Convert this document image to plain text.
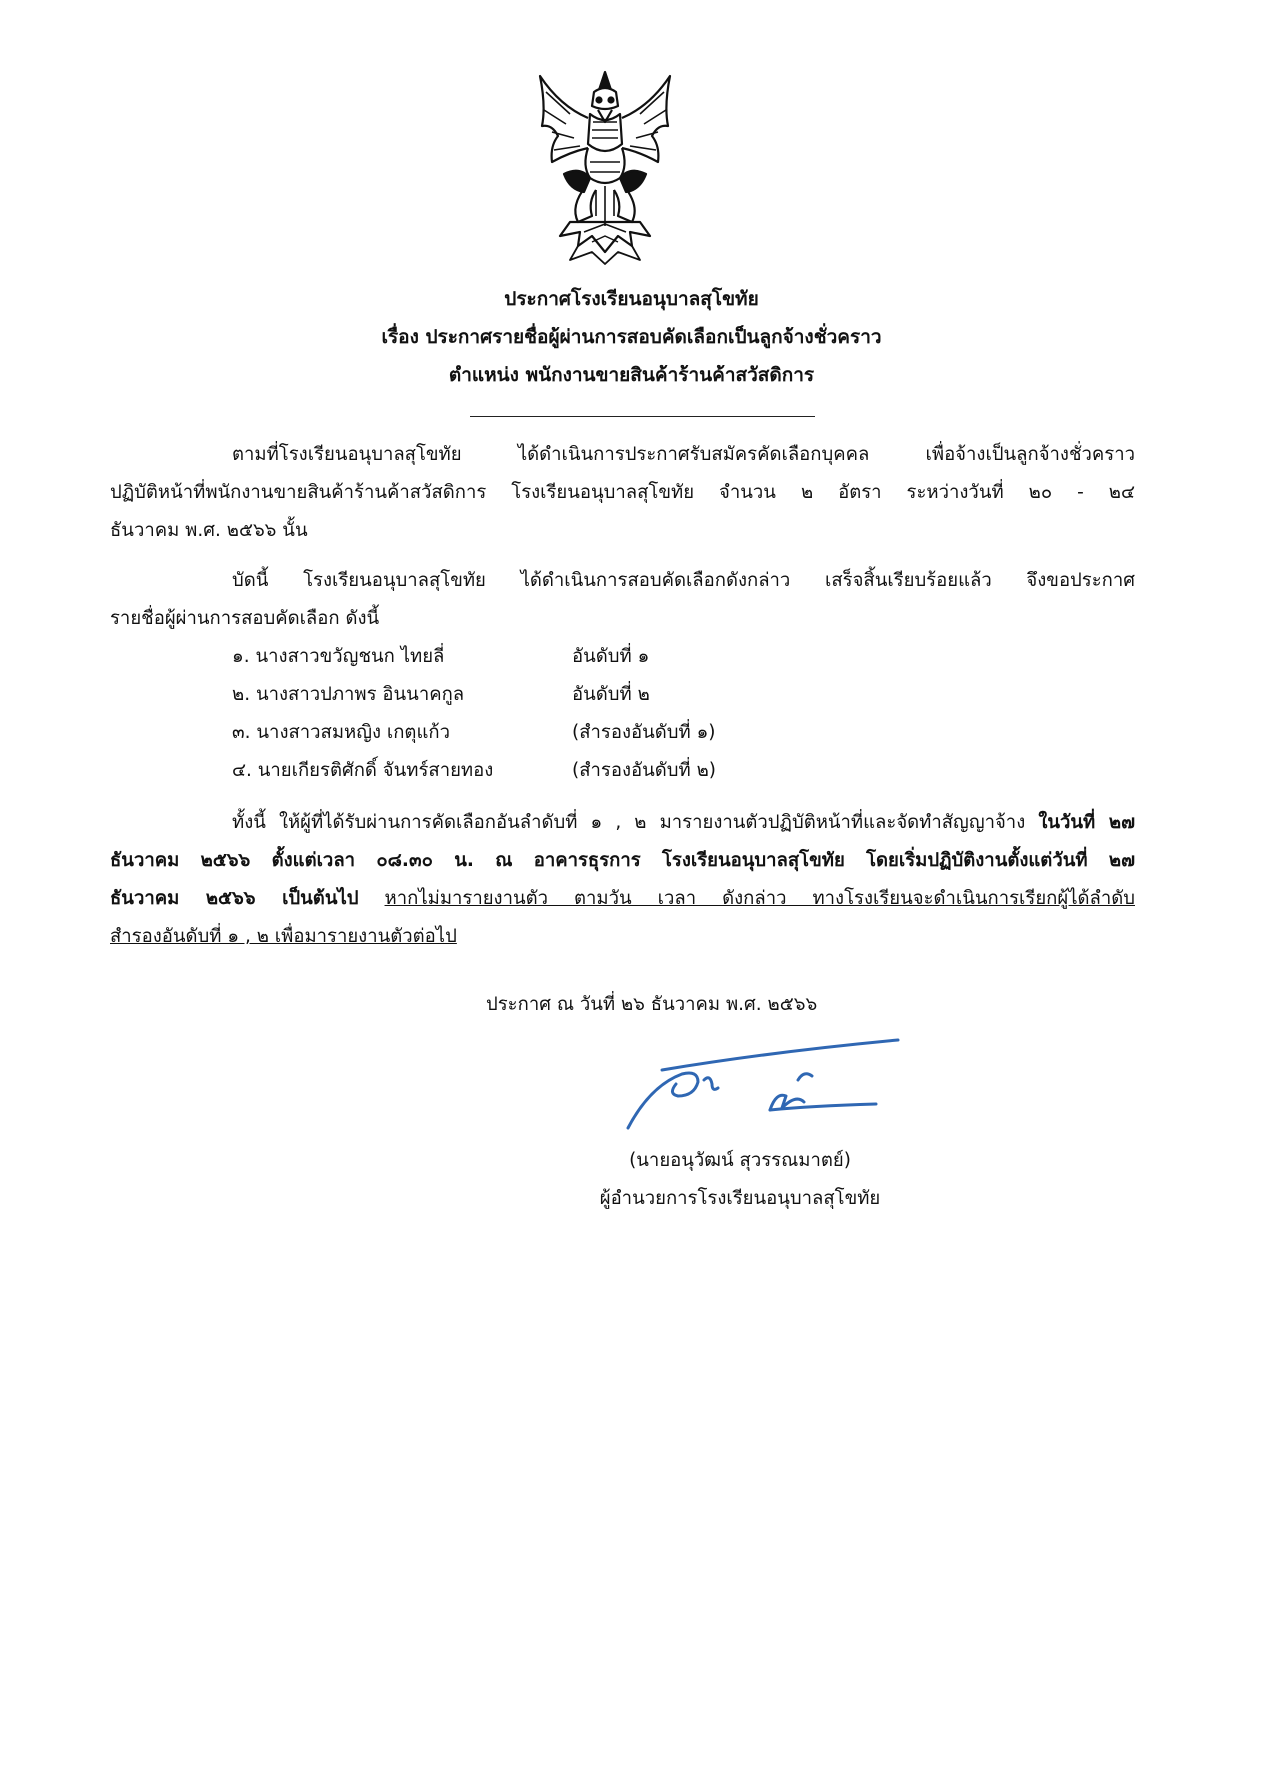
ประกาศโรงเรียนอนุบาลสุโขทัย
เรื่อง ประกาศรายชื่อผู้ผ่านการสอบคัดเลือกเป็นลูกจ้างชั่วคราว
ตำแหน่ง พนักงานขายสินค้าร้านค้าสวัสดิการ
ตามที่โรงเรียนอนุบาลสุโขทัย ได้ดำเนินการประกาศรับสมัครคัดเลือกบุคคล เพื่อจ้างเป็นลูกจ้างชั่วคราว
ปฏิบัติหน้าที่พนักงานขายสินค้าร้านค้าสวัสดิการ โรงเรียนอนุบาลสุโขทัย จำนวน ๒ อัตรา ระหว่างวันที่ ๒๐ - ๒๔
ธันวาคม พ.ศ. ๒๕๖๖ นั้น
บัดนี้ โรงเรียนอนุบาลสุโขทัย ได้ดำเนินการสอบคัดเลือกดังกล่าว เสร็จสิ้นเรียบร้อยแล้ว จึงขอประกาศ
รายชื่อผู้ผ่านการสอบคัดเลือก ดังนี้
๑. นางสาวขวัญชนก ไทยลี่	อันดับที่ ๑
๒. นางสาวปภาพร อินนาคกูล	อันดับที่ ๒
๓. นางสาวสมหญิง เกตุแก้ว	(สำรองอันดับที่ ๑)
๔. นายเกียรติศักดิ์ จันทร์สายทอง	(สำรองอันดับที่ ๒)
ทั้งนี้ ให้ผู้ที่ได้รับผ่านการคัดเลือกอันลำดับที่ ๑ , ๒ มารายงานตัวปฏิบัติหน้าที่และจัดทำสัญญาจ้าง ในวันที่ ๒๗
ธันวาคม ๒๕๖๖ ตั้งแต่เวลา ๐๘.๓๐ น. ณ อาคารธุรการ โรงเรียนอนุบาลสุโขทัย โดยเริ่มปฏิบัติงานตั้งแต่วันที่ ๒๗
ธันวาคม ๒๕๖๖ เป็นต้นไป หากไม่มารายงานตัว ตามวัน เวลา ดังกล่าว ทางโรงเรียนจะดำเนินการเรียกผู้ได้ลำดับ
สำรองอันดับที่ ๑ , ๒ เพื่อมารายงานตัวต่อไป
ประกาศ ณ วันที่ ๒๖ ธันวาคม พ.ศ. ๒๕๖๖
(นายอนุวัฒน์ สุวรรณมาตย์)
ผู้อำนวยการโรงเรียนอนุบาลสุโขทัย
